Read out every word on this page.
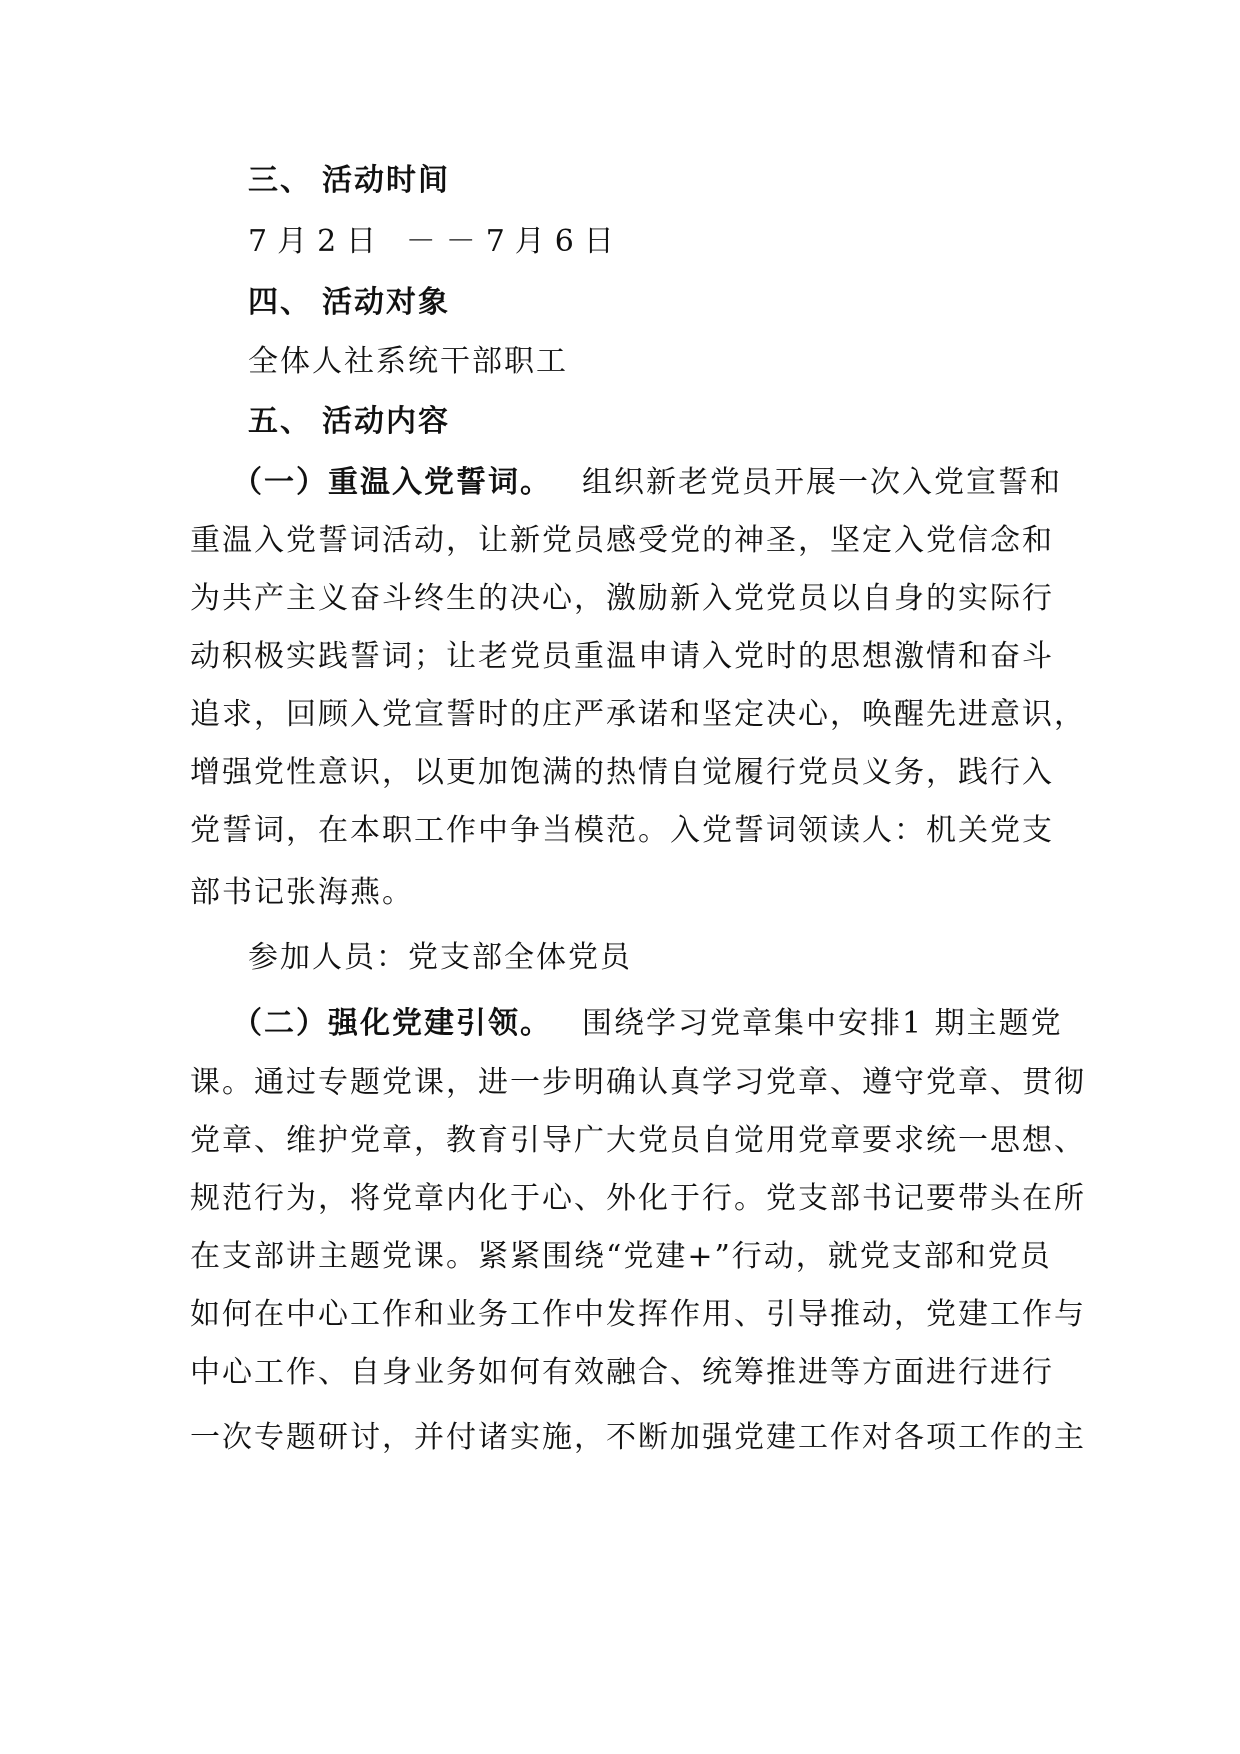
三、 活动时间
7月2日 －－7月6日
四、 活动对象
全体人社系统干部职工
五、 活动内容
（一）重温入党誓词。 组织新老党员开展一次入党宣誓和
重温入党誓词活动，让新党员感受党的神圣，坚定入党信念和
为共产主义奋斗终生的决心，激励新入党党员以自身的实际行
动积极实践誓词；让老党员重温申请入党时的思想激情和奋斗
追求，回顾入党宣誓时的庄严承诺和坚定决心，唤醒先进意识，
增强党性意识，以更加饱满的热情自觉履行党员义务，践行入
党誓词，在本职工作中争当模范。入党誓词领读人：机关党支
部书记张海燕。
参加人员：党支部全体党员
（二）强化党建引领。 围绕学习党章集中安排1 期主题党
课。通过专题党课，进一步明确认真学习党章、遵守党章、贯彻
党章、维护党章，教育引导广大党员自觉用党章要求统一思想、
规范行为，将党章内化于心、外化于行。党支部书记要带头在所
在支部讲主题党课。紧紧围绕“党建+”行动，就党支部和党员
如何在中心工作和业务工作中发挥作用、引导推动，党建工作与
中心工作、自身业务如何有效融合、统筹推进等方面进行进行
一次专题研讨，并付诸实施，不断加强党建工作对各项工作的主
